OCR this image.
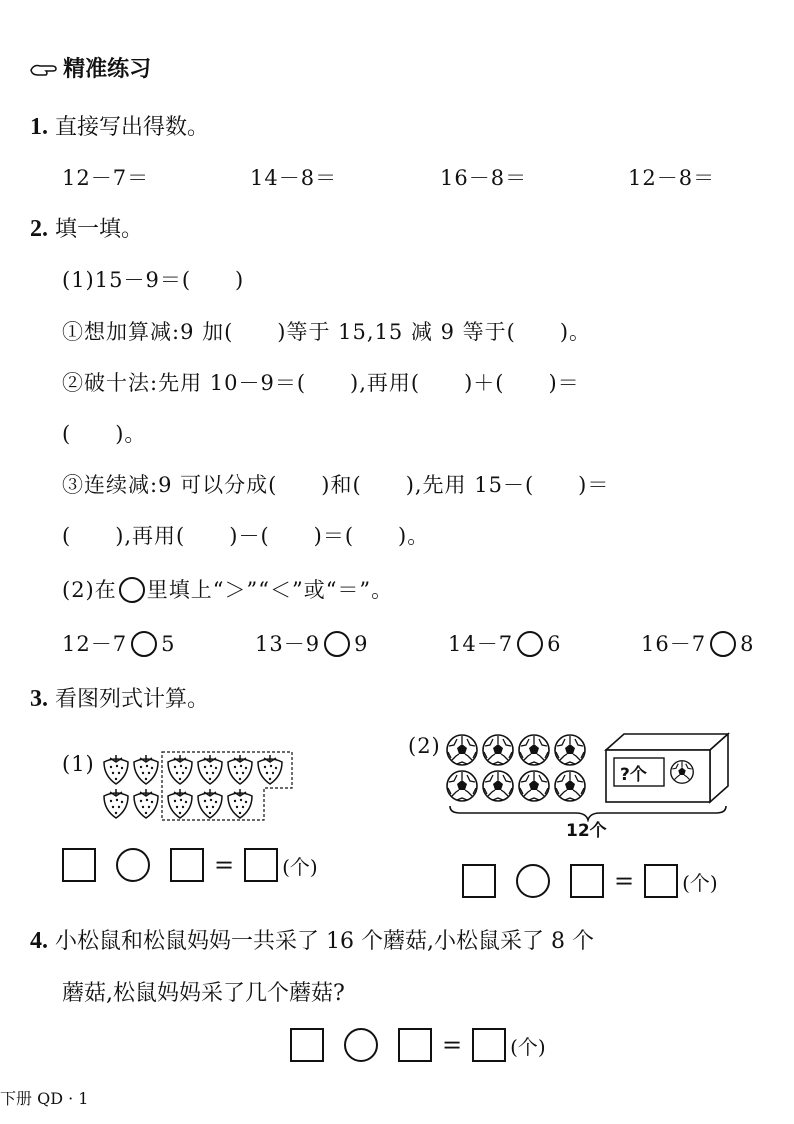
精准练习
1. 直接写出得数。
12－7＝	14－8＝	16－8＝	12－8＝
2. 填一填。
(1)15－9＝(　　)
①想加算减:9 加(　　)等于 15,15 减 9 等于(　　)。
②破十法:先用 10－9＝(　　),再用(　　)＋(　　)＝
(　　)。
③连续减:9 可以分成(　　)和(　　),先用 15－(　　)＝
(　　),再用(　　)－(　　)＝(　　)。
(2)在 里填上“＞”“＜”或“＝”。
12－7 5	13－9 9	14－7 6	16－7 8
3. 看图列式计算。
(1)
= (个)
(2)
?个
12个
= (个)
4. 小松鼠和松鼠妈妈一共采了 16 个蘑菇,小松鼠采了 8 个
蘑菇,松鼠妈妈采了几个蘑菇?
= (个)
下册 QD · 1
